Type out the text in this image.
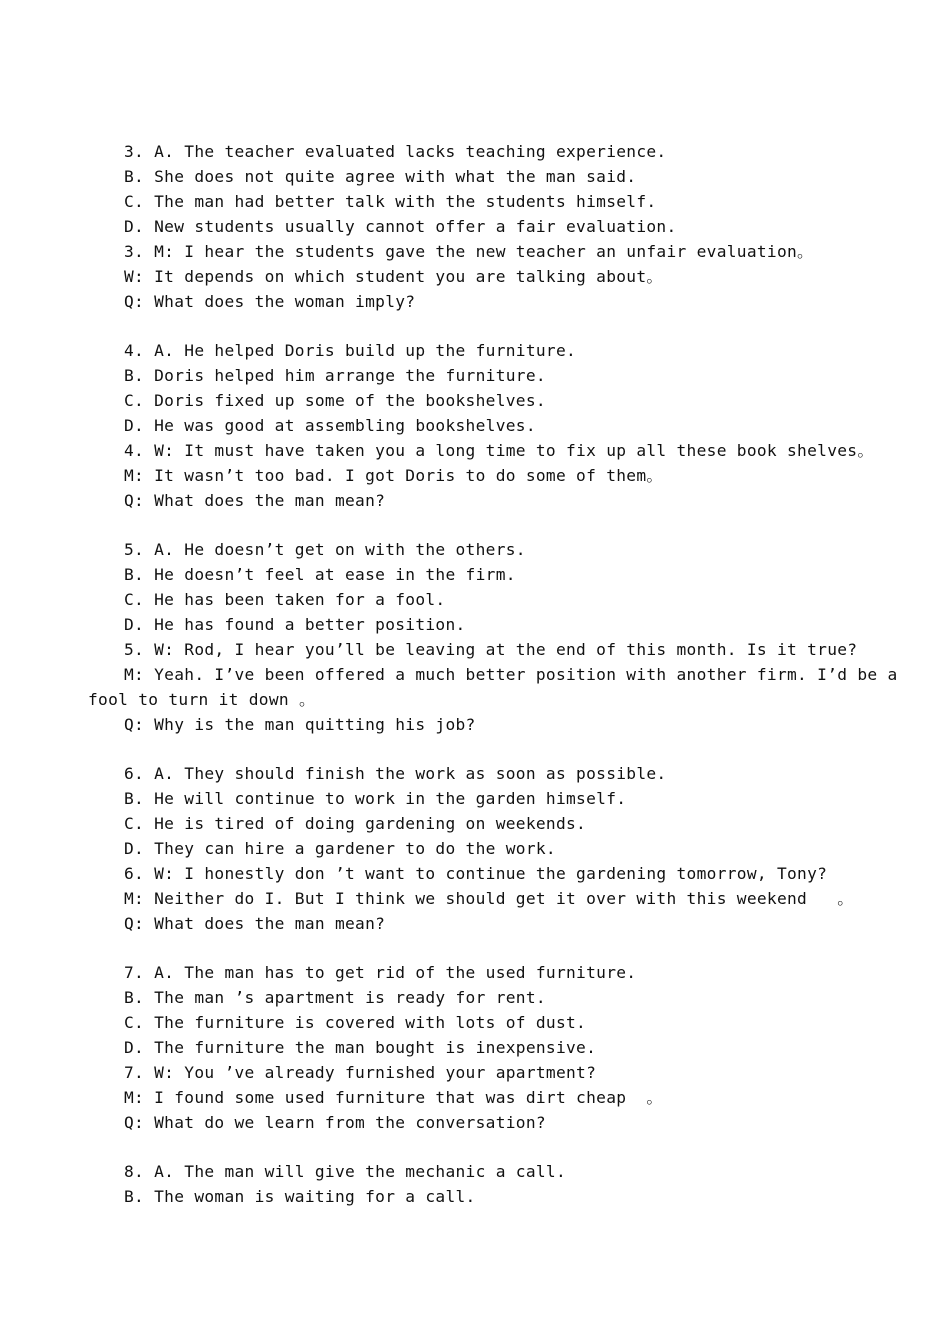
3. A. The teacher evaluated lacks teaching experience.
B. She does not quite agree with what the man said.
C. The man had better talk with the students himself.
D. New students usually cannot offer a fair evaluation.
3. M: I hear the students gave the new teacher an unfair evaluation。
W: It depends on which student you are talking about。
Q: What does the woman imply?
4. A. He helped Doris build up the furniture.
B. Doris helped him arrange the furniture.
C. Doris fixed up some of the bookshelves.
D. He was good at assembling bookshelves.
4. W: It must have taken you a long time to fix up all these book shelves。
M: It wasn’t too bad. I got Doris to do some of them。
Q: What does the man mean?
5. A. He doesn’t get on with the others.
B. He doesn’t feel at ease in the firm.
C. He has been taken for a fool.
D. He has found a better position.
5. W: Rod, I hear you’ll be leaving at the end of this month. Is it true?
M: Yeah. I’ve been offered a much better position with another firm. I’d be a
fool to turn it down 。
Q: Why is the man quitting his job?
6. A. They should finish the work as soon as possible.
B. He will continue to work in the garden himself.
C. He is tired of doing gardening on weekends.
D. They can hire a gardener to do the work.
6. W: I honestly don ’t want to continue the gardening tomorrow, Tony?
M: Neither do I. But I think we should get it over with this weekend   。
Q: What does the man mean?
7. A. The man has to get rid of the used furniture.
B. The man ’s apartment is ready for rent.
C. The furniture is covered with lots of dust.
D. The furniture the man bought is inexpensive.
7. W: You ’ve already furnished your apartment?
M: I found some used furniture that was dirt cheap  。
Q: What do we learn from the conversation?
8. A. The man will give the mechanic a call.
B. The woman is waiting for a call.
